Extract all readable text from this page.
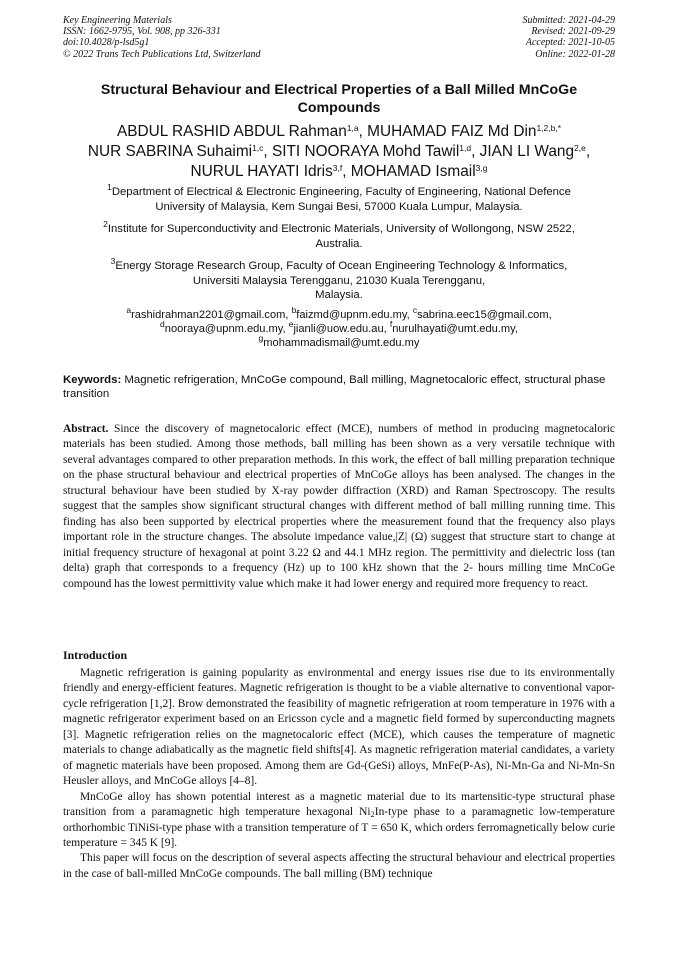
Key Engineering Materials
ISSN: 1662-9795, Vol. 908, pp 326-331
doi:10.4028/p-lsd5g1
© 2022 Trans Tech Publications Ltd, Switzerland
Submitted: 2021-04-29
Revised: 2021-09-29
Accepted: 2021-10-05
Online: 2022-01-28
Structural Behaviour and Electrical Properties of a Ball Milled MnCoGe
Compounds
ABDUL RASHID ABDUL Rahman$^{1,a}$, MUHAMAD FAIZ Md Din$^{1,2,b,*}$
NUR SABRINA Suhaimi$^{1,c}$, SITI NOORAYA Mohd Tawil$^{1,d}$, JIAN LI Wang$^{2,e}$,
NURUL HAYATI Idris$^{3,f}$, MOHAMAD Ismail$^{3,g}$
$^1$Department of Electrical & Electronic Engineering, Faculty of Engineering, National Defence
University of Malaysia, Kem Sungai Besi, 57000 Kuala Lumpur, Malaysia.
$^2$Institute for Superconductivity and Electronic Materials, University of Wollongong, NSW 2522,
Australia.
$^3$Energy Storage Research Group, Faculty of Ocean Engineering Technology & Informatics,
Universiti Malaysia Terengganu, 21030 Kuala Terengganu,
Malaysia.
$^a$rashidrahman2201@gmail.com, $^b$faizmd@upnm.edu.my, $^c$sabrina.eec15@gmail.com,
$^d$nooraya@upnm.edu.my, $^e$jianli@uow.edu.au, $^f$nurulhayati@umt.edu.my,
$^g$mohammadismail@umt.edu.my
Keywords: Magnetic refrigeration, MnCoGe compound, Ball milling, Magnetocaloric effect, structural phase transition
Abstract. Since the discovery of magnetocaloric effect (MCE), numbers of method in producing magnetocaloric materials has been studied. Among those methods, ball milling has been shown as a very versatile technique with several advantages compared to other preparation methods. In this work, the effect of ball milling preparation technique on the phase structural behaviour and electrical properties of MnCoGe alloys has been analysed. The changes in the structural behaviour have been studied by X-ray powder diffraction (XRD) and Raman Spectroscopy. The results suggest that the samples show significant structural changes with different method of ball milling running time. This finding has also been supported by electrical properties where the measurement found that the frequency also plays important role in the structure changes. The absolute impedance value,|Z| (Ω) suggest that structure start to change at initial frequency structure of hexagonal at point 3.22 Ω and 44.1 MHz region. The permittivity and dielectric loss (tan delta) graph that corresponds to a frequency (Hz) up to 100 kHz shown that the 2- hours milling time MnCoGe compound has the lowest permittivity value which make it had lower energy and required more frequency to react.
Introduction

Magnetic refrigeration is gaining popularity as environmental and energy issues rise due to its environmentally friendly and energy-efficient features. Magnetic refrigeration is thought to be a viable alternative to conventional vapor-cycle refrigeration [1,2]. Brow demonstrated the feasibility of magnetic refrigeration at room temperature in 1976 with a magnetic refrigerator experiment based on an Ericsson cycle and a magnetic field formed by superconducting magnets [3]. Magnetic refrigeration relies on the magnetocaloric effect (MCE), which causes the temperature of magnetic materials to change adiabatically as the magnetic field shifts[4]. As magnetic refrigeration material candidates, a variety of magnetic materials have been proposed. Among them are Gd-(GeSi) alloys, MnFe(P-As), Ni-Mn-Ga and Ni-Mn-Sn Heusler alloys, and MnCoGe alloys [4–8].

MnCoGe alloy has shown potential interest as a magnetic material due to its martensitic-type structural phase transition from a paramagnetic high temperature hexagonal $Ni_2In$-type phase to a paramagnetic low-temperature orthorhombic TiNiSi-type phase with a transition temperature of T = 650 K, which orders ferromagnetically below curie temperature = 345 K [9].

This paper will focus on the description of several aspects affecting the structural behaviour and electrical properties in the case of ball-milled MnCoGe compounds. The ball milling (BM) technique
